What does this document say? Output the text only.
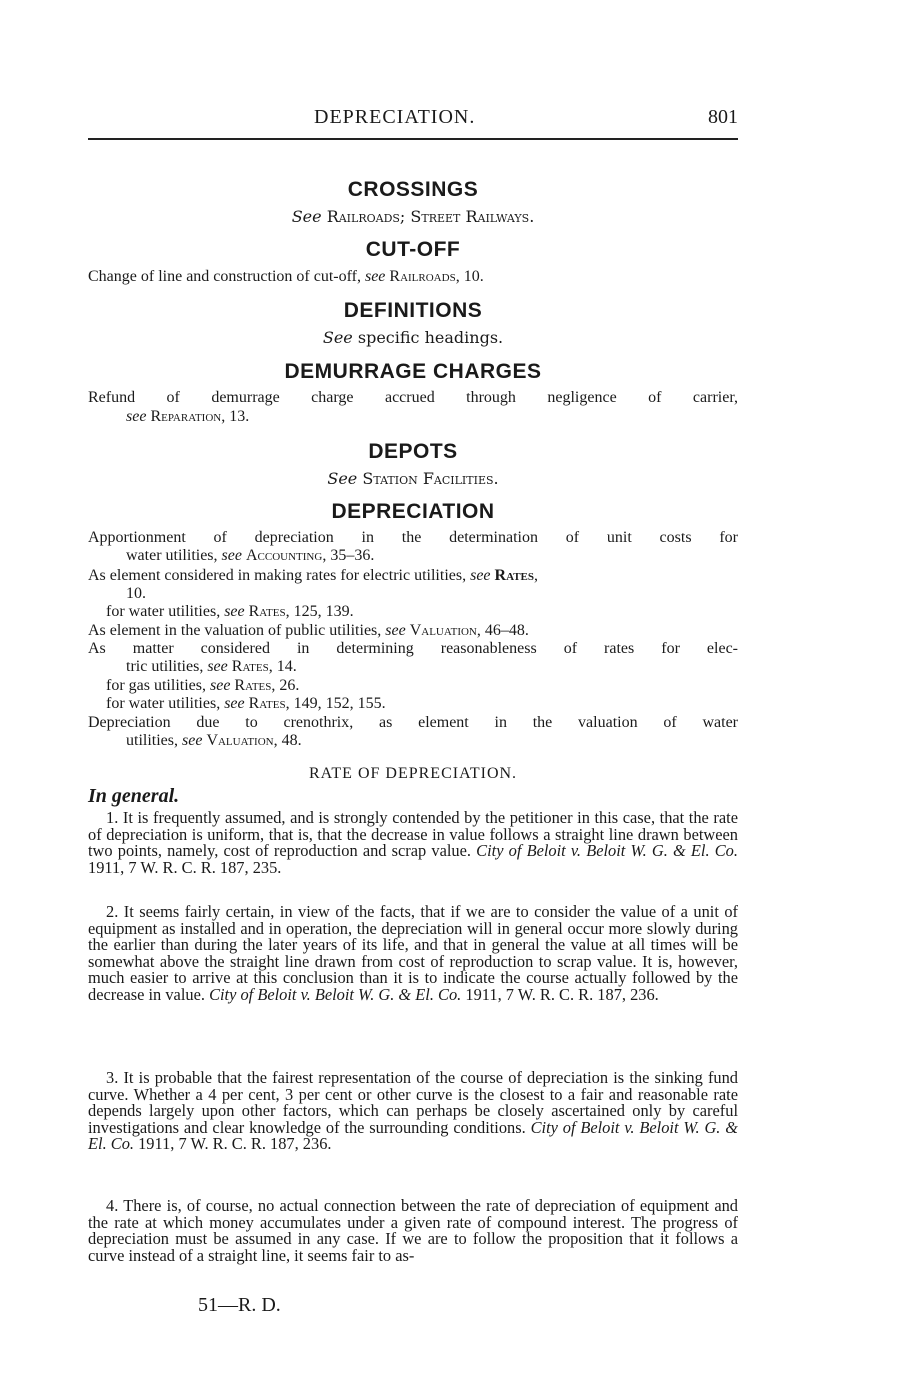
DEPRECIATION.	801
CROSSINGS
See Railroads; Street Railways.
CUT-OFF
Change of line and construction of cut-off, see Railroads, 10.
DEFINITIONS
See specific headings.
DEMURRAGE CHARGES
Refund of demurrage charge accrued through negligence of carrier,
see Reparation, 13.
DEPOTS
See Station Facilities.
DEPRECIATION
Apportionment of depreciation in the determination of unit costs for
water utilities, see Accounting, 35–36.
As element considered in making rates for electric utilities, see Rates,
10.
for water utilities, see Rates, 125, 139.
As element in the valuation of public utilities, see Valuation, 46–48.
As matter considered in determining reasonableness of rates for elec-
tric utilities, see Rates, 14.
for gas utilities, see Rates, 26.
for water utilities, see Rates, 149, 152, 155.
Depreciation due to crenothrix, as element in the valuation of water
utilities, see Valuation, 48.
RATE OF DEPRECIATION.
In general.
1. It is frequently assumed, and is strongly contended by the petitioner in this case, that the rate of depreciation is uniform, that is, that the decrease in value follows a straight line drawn between two points, namely, cost of reproduction and scrap value. City of Beloit v. Beloit W. G. & El. Co. 1911, 7 W. R. C. R. 187, 235.
2. It seems fairly certain, in view of the facts, that if we are to consider the value of a unit of equipment as installed and in operation, the depreciation will in general occur more slowly during the earlier than during the later years of its life, and that in general the value at all times will be somewhat above the straight line drawn from cost of reproduction to scrap value. It is, however, much easier to arrive at this conclusion than it is to indicate the course actually followed by the decrease in value. City of Beloit v. Beloit W. G. & El. Co. 1911, 7 W. R. C. R. 187, 236.
3. It is probable that the fairest representation of the course of depreciation is the sinking fund curve. Whether a 4 per cent, 3 per cent or other curve is the closest to a fair and reasonable rate depends largely upon other factors, which can perhaps be closely ascertained only by careful investigations and clear knowledge of the surrounding conditions. City of Beloit v. Beloit W. G. & El. Co. 1911, 7 W. R. C. R. 187, 236.
4. There is, of course, no actual connection between the rate of depreciation of equipment and the rate at which money accumulates under a given rate of compound interest. The progress of depreciation must be assumed in any case. If we are to follow the proposition that it follows a curve instead of a straight line, it seems fair to as-
51—R. D.
